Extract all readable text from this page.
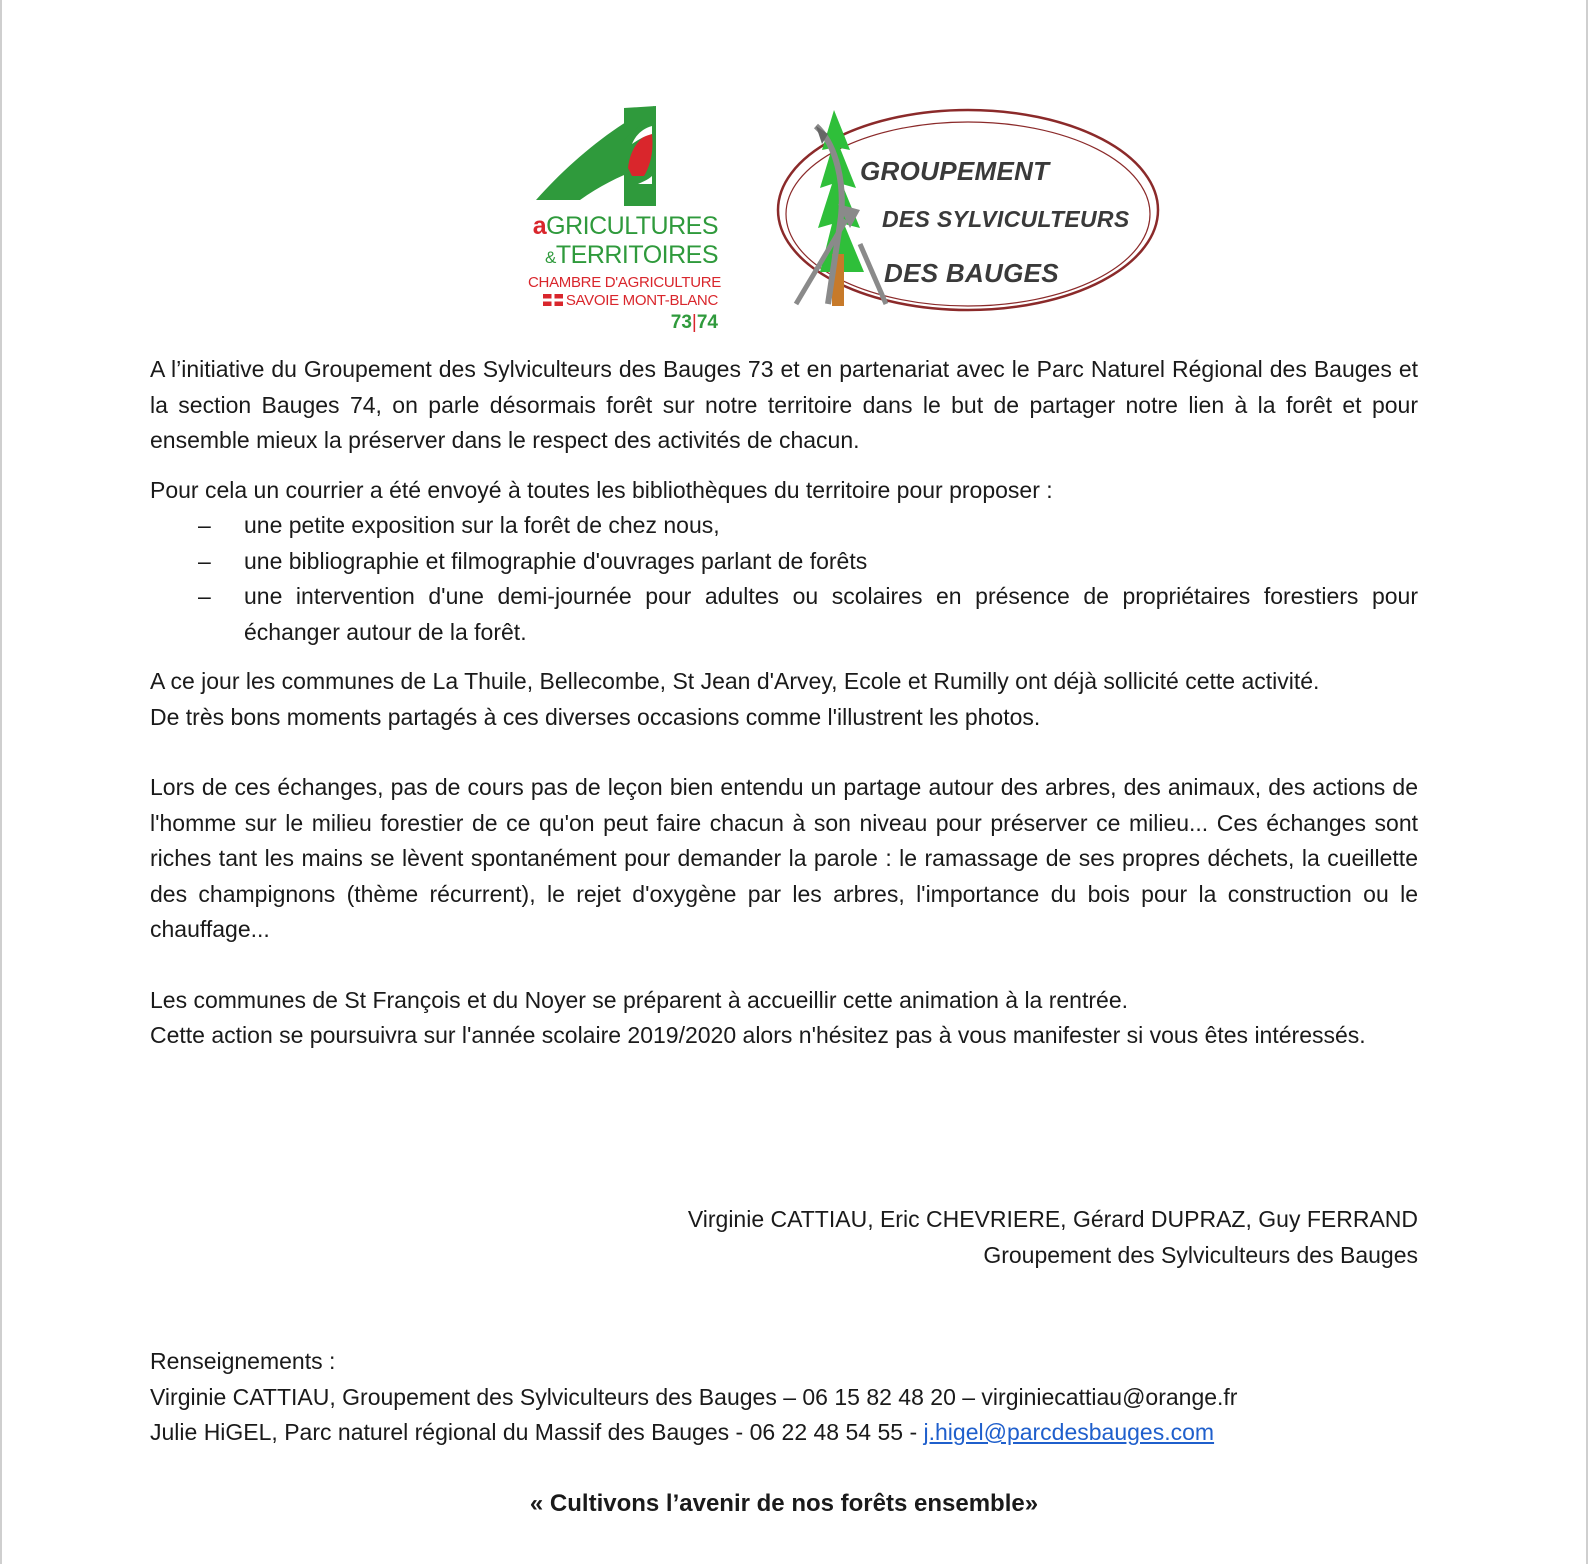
aGRICULTURES
&TERRITOIRES
CHAMBRE D'AGRICULTURE
SAVOIE MONT-BLANC
73|74
GROUPEMENT
DES SYLVICULTEURS
DES BAUGES

A l’initiative du Groupement des Sylviculteurs des Bauges 73 et en partenariat avec le Parc Naturel Régional des Bauges et la section Bauges 74, on parle désormais forêt sur notre territoire dans le but de partager notre lien à la forêt et pour ensemble mieux la préserver dans le respect des activités de chacun.

Pour cela un courrier a été envoyé à toutes les bibliothèques du territoire pour proposer :

– une petite exposition sur la forêt de chez nous,
– une bibliographie et filmographie d'ouvrages parlant de forêts
– une intervention d'une demi-journée pour adultes ou scolaires en présence de propriétaires forestiers pour échanger autour de la forêt.

A ce jour les communes de La Thuile, Bellecombe, St Jean d'Arvey, Ecole et Rumilly ont déjà sollicité cette activité.

De très bons moments partagés à ces diverses occasions comme l'illustrent les photos.

Lors de ces échanges, pas de cours pas de leçon bien entendu un partage autour des arbres, des animaux, des actions de l'homme sur le milieu forestier de ce qu'on peut faire chacun à son niveau pour préserver ce milieu... Ces échanges sont riches tant les mains se lèvent spontanément pour demander la parole : le ramassage de ses propres déchets, la cueillette des champignons (thème récurrent), le rejet d'oxygène par les arbres, l'importance du bois pour la construction ou le chauffage...

Les communes de St François et du Noyer se préparent à accueillir cette animation à la rentrée.

Cette action se poursuivra sur l'année scolaire 2019/2020 alors n'hésitez pas à vous manifester si vous êtes intéressés.

Virginie CATTIAU, Eric CHEVRIERE, Gérard DUPRAZ, Guy FERRAND
Groupement des Sylviculteurs des Bauges
Renseignements :
Virginie CATTIAU, Groupement des Sylviculteurs des Bauges – 06 15 82 48 20 – virginiecattiau@orange.fr
Julie HiGEL, Parc naturel régional du Massif des Bauges - 06 22 48 54 55 - j.higel@parcdesbauges.com
« Cultivons l’avenir de nos forêts ensemble»
